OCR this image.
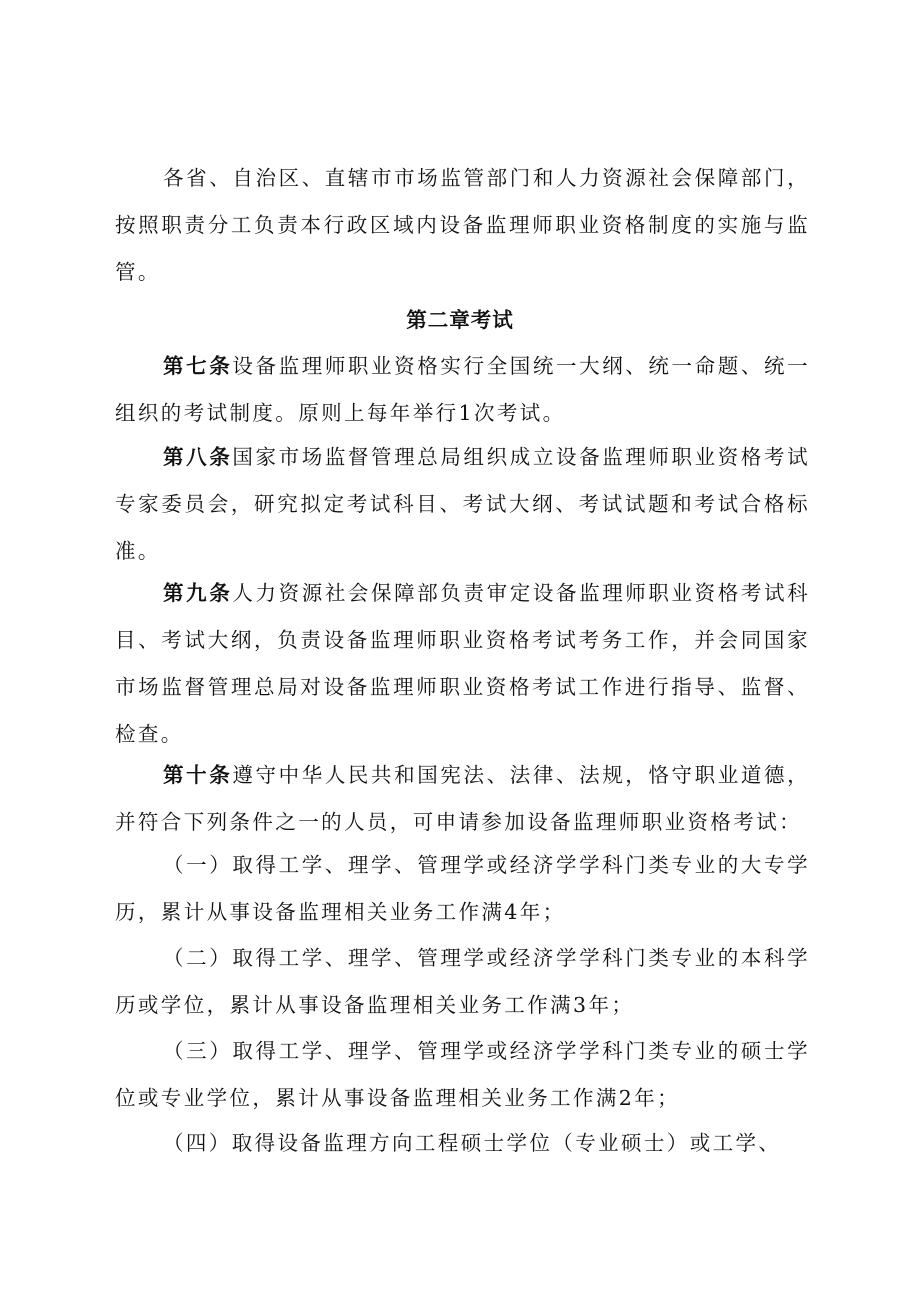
各省、自治区、直辖市市场监管部门和人力资源社会保障部门，按照职责分工负责本行政区域内设备监理师职业资格制度的实施与监管。

第二章考试

第七条设备监理师职业资格实行全国统一大纲、统一命题、统一组织的考试制度。原则上每年举行1次考试。

第八条国家市场监督管理总局组织成立设备监理师职业资格考试专家委员会，研究拟定考试科目、考试大纲、考试试题和考试合格标准。

第九条人力资源社会保障部负责审定设备监理师职业资格考试科目、考试大纲，负责设备监理师职业资格考试考务工作，并会同国家市场监督管理总局对设备监理师职业资格考试工作进行指导、监督、检查。

第十条遵守中华人民共和国宪法、法律、法规，恪守职业道德，并符合下列条件之一的人员，可申请参加设备监理师职业资格考试：

（一）取得工学、理学、管理学或经济学学科门类专业的大专学历，累计从事设备监理相关业务工作满4年；

（二）取得工学、理学、管理学或经济学学科门类专业的本科学历或学位，累计从事设备监理相关业务工作满3年；

（三）取得工学、理学、管理学或经济学学科门类专业的硕士学位或专业学位，累计从事设备监理相关业务工作满2年；

（四）取得设备监理方向工程硕士学位（专业硕士）或工学、
